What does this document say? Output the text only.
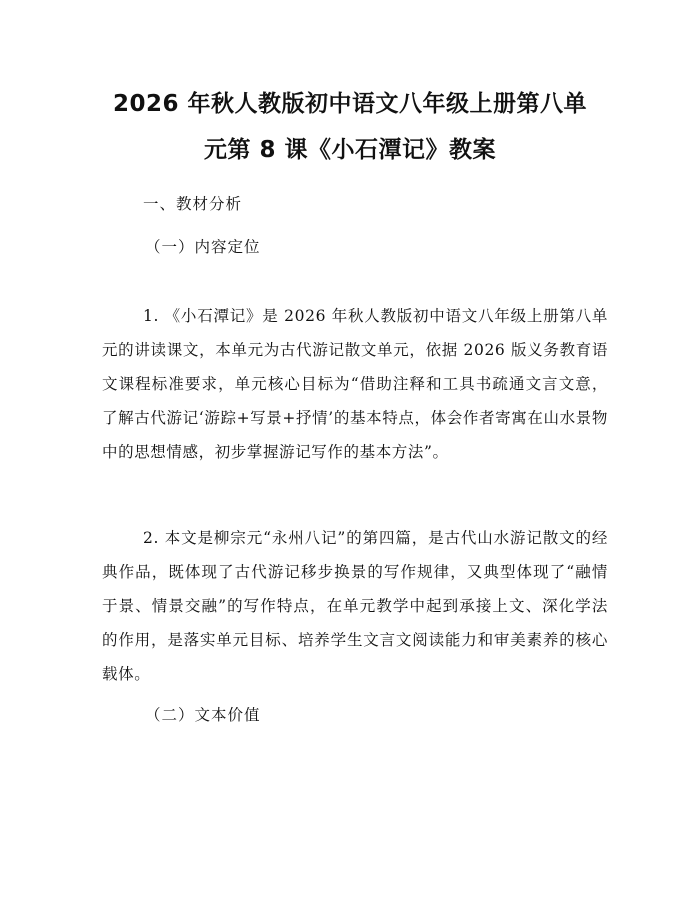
2026 年秋人教版初中语文八年级上册第八单
元第 8 课《小石潭记》教案
一、教材分析
（一）内容定位

1. 《小石潭记》是 2026 年秋人教版初中语文八年级上册第八单元的讲读课文，本单元为古代游记散文单元，依据 2026 版义务教育语文课程标准要求，单元核心目标为“借助注释和工具书疏通文言文意，了解古代游记‘游踪+写景+抒情’的基本特点，体会作者寄寓在山水景物中的思想情感，初步掌握游记写作的基本方法”。

2. 本文是柳宗元“永州八记”的第四篇，是古代山水游记散文的经典作品，既体现了古代游记移步换景的写作规律，又典型体现了“融情于景、情景交融”的写作特点，在单元教学中起到承接上文、深化学法的作用，是落实单元目标、培养学生文言文阅读能力和审美素养的核心载体。

（二）文本价值
